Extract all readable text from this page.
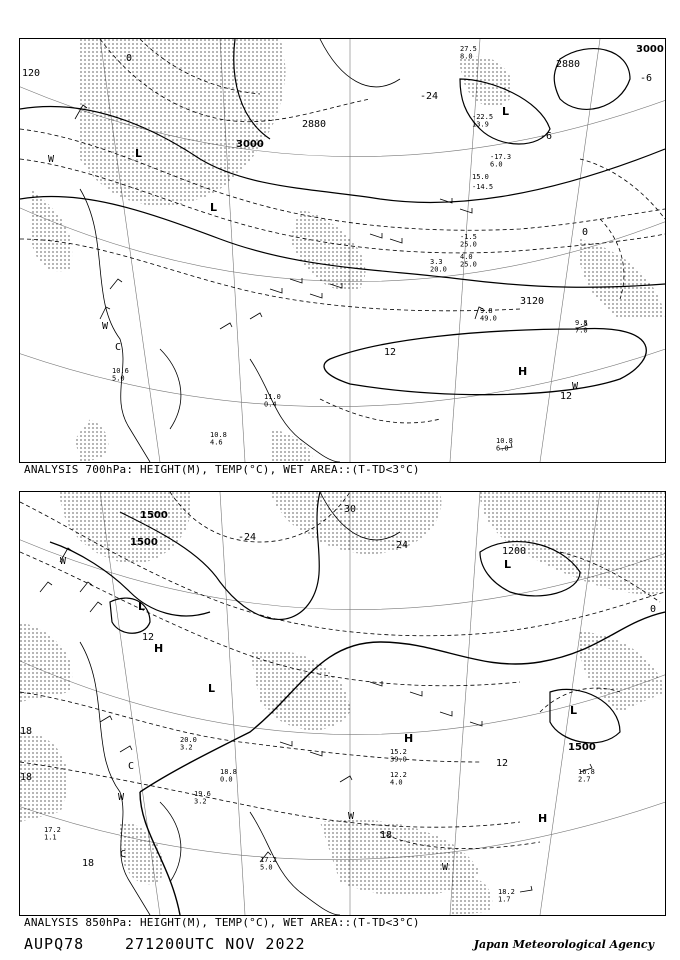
120
3000
3000
2880
2880
3120
0
-24
-6
0
12
12
-6
L
L
L
H
C
W
W
W
27.5 8.0
-22.5 13.9
-17.3 6.0
15.0
-14.5
-1.5 25.0
4.0 25.0
3.3 20.0
9.8 49.0
10.8 6.0
9.8 7.0
10.6 5.0
11.0 0.4
10.8 4.6
ANALYSIS 700hPa: HEIGHT(M), TEMP(°C), WET AREA::(T-TD<3°C)
1500
1500
1500
1200
-24
-30
-24
12
18
18
18
12
0
18
L
L
L
L
H
H
H
C
C
W
W
W
W
15.2 39.0
12.2 4.0
16.8 2.7
18.2 1.7
17.2 1.1
19.6 3.2
18.8 0.0
20.0 3.2
17.2 5.0
ANALYSIS 850hPa: HEIGHT(M), TEMP(°C), WET AREA::(T-TD<3°C)
AUPQ78	271200UTC NOV 2022	Japan Meteorological Agency
